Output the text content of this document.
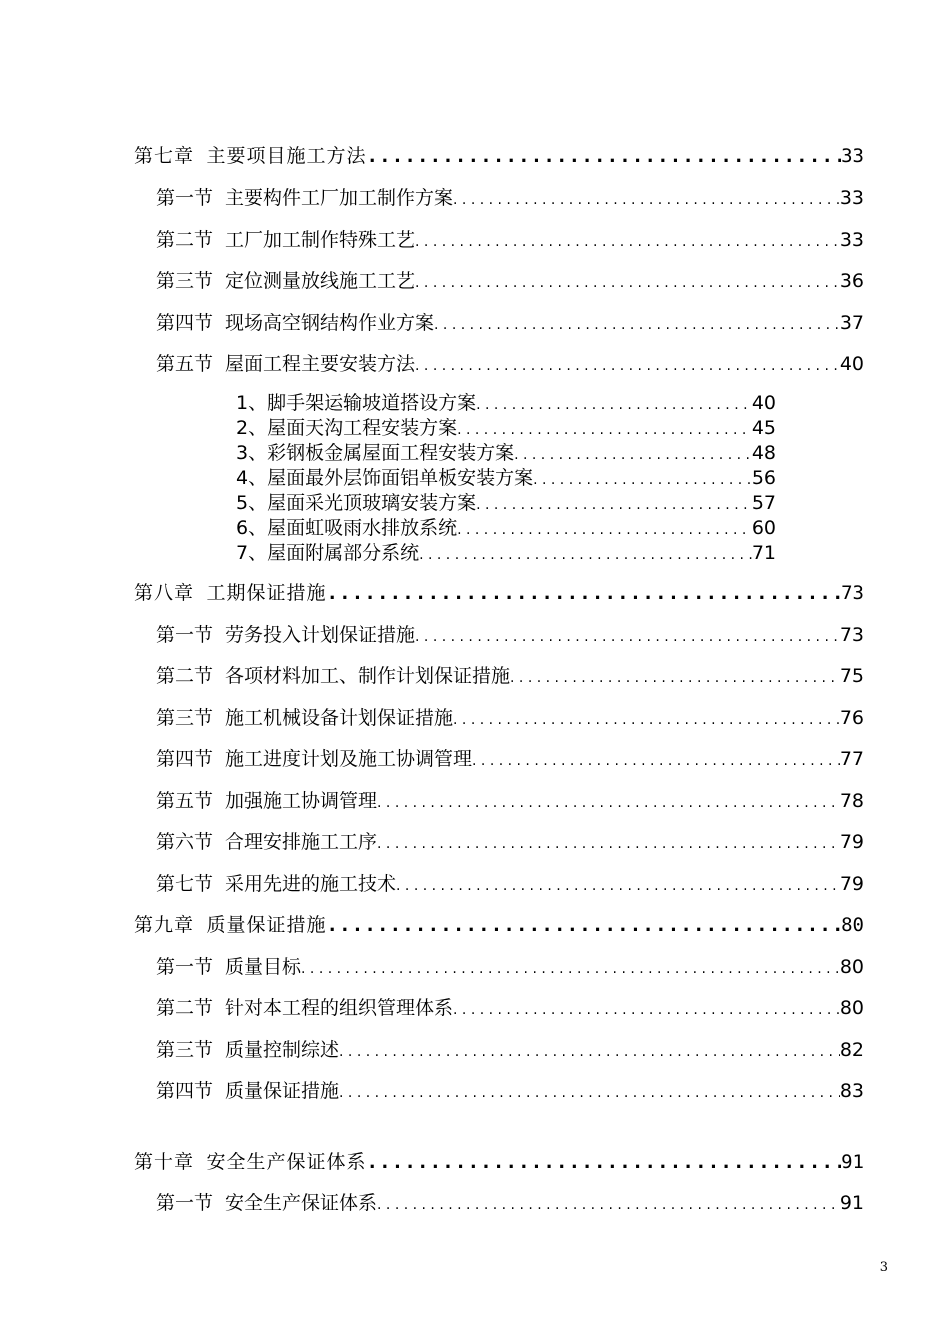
第七章 主要项目施工方法 .....	33
第一节 主要构件工厂加工制作方案 . . .	33
第二节 工厂加工制作特殊工艺 . . .	33
第三节 定位测量放线施工工艺 . . .	36
第四节 现场高空钢结构作业方案 . . .	37
第五节 屋面工程主要安装方法 . . .	40
1、脚手架运输坡道搭设方案 . . .	40
2、屋面天沟工程安装方案 . . .	45
3、彩钢板金属屋面工程安装方案 . . .	48
4、屋面最外层饰面铝单板安装方案 . . .	56
5、屋面采光顶玻璃安装方案 . . .	57
6、屋面虹吸雨水排放系统 . . .	60
7、屋面附属部分系统 . . .	71
第八章 工期保证措施 .....	73
第一节 劳务投入计划保证措施 . . .	73
第二节 各项材料加工、制作计划保证措施 . . .	75
第三节 施工机械设备计划保证措施 . . .	76
第四节 施工进度计划及施工协调管理 . . .	77
第五节 加强施工协调管理 . . .	78
第六节 合理安排施工工序 . . .	79
第七节 采用先进的施工技术 . . .	79
第九章 质量保证措施 .....	80
第一节 质量目标 . . .	80
第二节 针对本工程的组织管理体系 . . .	80
第三节 质量控制综述 . . .	82
第四节 质量保证措施 . . .	83
第十章 安全生产保证体系 .....	91
第一节 安全生产保证体系 . . .	91
3
